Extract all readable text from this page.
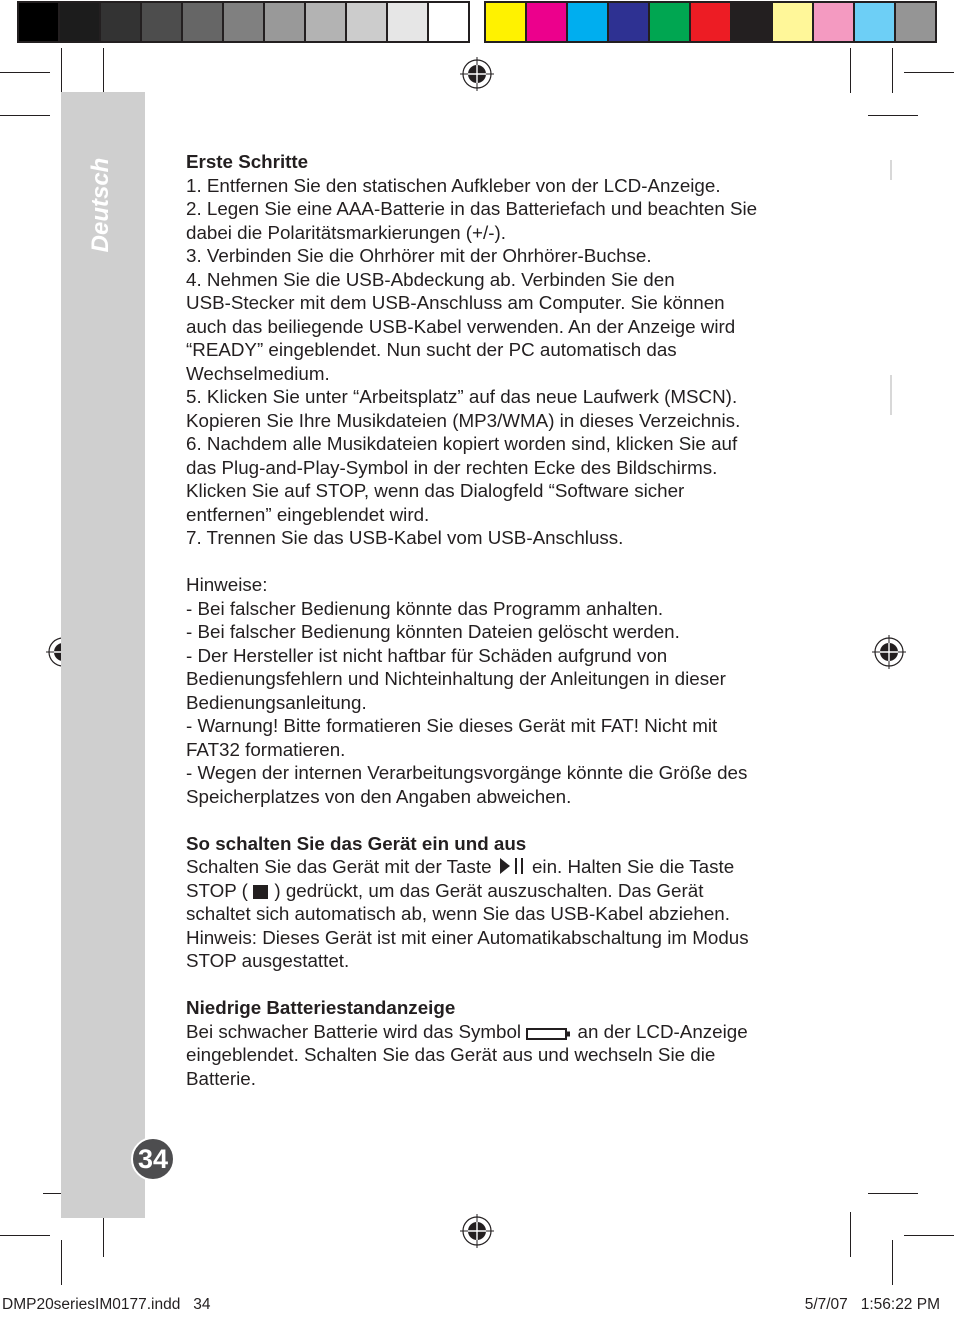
Deutsch
34

Erste Schritte

1. Entfernen Sie den statischen Aufkleber von der LCD-Anzeige.

2. Legen Sie eine AAA-Batterie in das Batteriefach und beachten Sie

dabei die Polaritätsmarkierungen (+/-).

3. Verbinden Sie die Ohrhörer mit der Ohrhörer-Buchse.

4. Nehmen Sie die USB-Abdeckung ab. Verbinden Sie den

USB-Stecker mit dem USB-Anschluss am Computer. Sie können

auch das beiliegende USB-Kabel verwenden. An der Anzeige wird

“READY” eingeblendet. Nun sucht der PC automatisch das

Wechselmedium.

5. Klicken Sie unter “Arbeitsplatz” auf das neue Laufwerk (MSCN).

Kopieren Sie Ihre Musikdateien (MP3/WMA) in dieses Verzeichnis.

6. Nachdem alle Musikdateien kopiert worden sind, klicken Sie auf

das Plug-and-Play-Symbol in der rechten Ecke des Bildschirms.

Klicken Sie auf STOP, wenn das Dialogfeld “Software sicher

entfernen” eingeblendet wird.

7. Trennen Sie das USB-Kabel vom USB-Anschluss.

Hinweise:

- Bei falscher Bedienung könnte das Programm anhalten.

- Bei falscher Bedienung könnten Dateien gelöscht werden.

- Der Hersteller ist nicht haftbar für Schäden aufgrund von

Bedienungsfehlern und Nichteinhaltung der Anleitungen in dieser

Bedienungsanleitung.

- Warnung! Bitte formatieren Sie dieses Gerät mit FAT! Nicht mit

FAT32 formatieren.

- Wegen der internen Verarbeitungsvorgänge könnte die Größe des

Speicherplatzes von den Angaben abweichen.

So schalten Sie das Gerät ein und aus

Schalten Sie das Gerät mit der Taste  ein. Halten Sie die Taste

STOP (  ) gedrückt, um das Gerät auszuschalten. Das Gerät

schaltet sich automatisch ab, wenn Sie das USB-Kabel abziehen.

Hinweis: Dieses Gerät ist mit einer Automatikabschaltung im Modus

STOP ausgestattet.

Niedrige Batteriestandanzeige

Bei schwacher Batterie wird das Symbol  an der LCD-Anzeige

eingeblendet. Schalten Sie das Gerät aus und wechseln Sie die

Batterie.

DMP20seriesIM0177.indd   34	5/7/07   1:56:22 PM
